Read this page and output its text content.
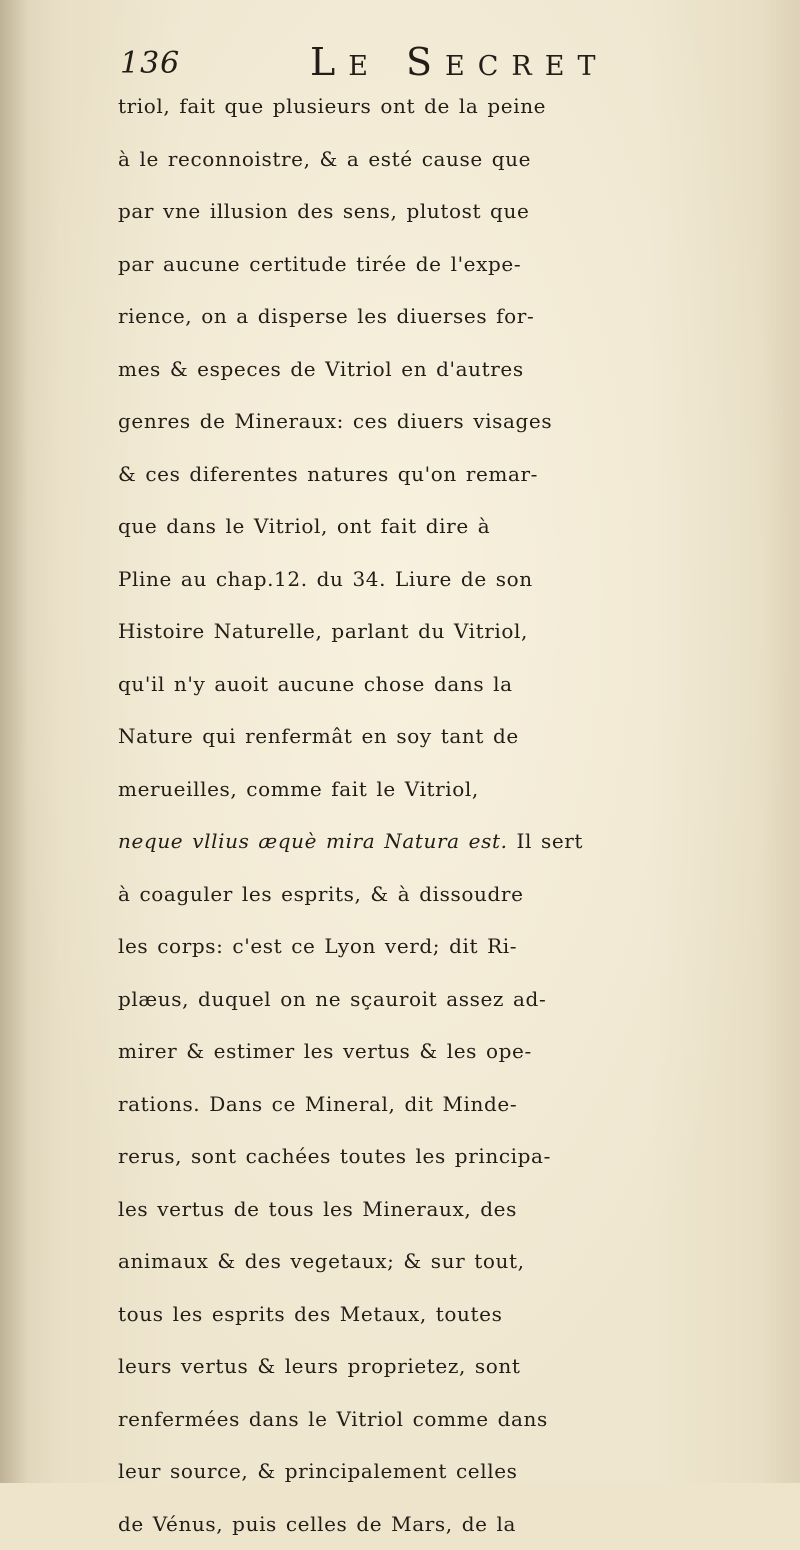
136	Le Secret
triol, fait que plusieurs ont de la peine
à le reconnoistre, & a esté cause que
par vne illusion des sens, plutost que
par aucune certitude tirée de l'expe-
rience, on a disperse les diuerses for-
mes & especes de Vitriol en d'autres
genres de Mineraux: ces diuers visages
& ces diferentes natures qu'on remar-
que dans le Vitriol, ont fait dire à
Pline au chap.12. du 34. Liure de son
Histoire Naturelle, parlant du Vitriol,
qu'il n'y auoit aucune chose dans la
Nature qui renfermât en soy tant de
merueilles, comme fait le Vitriol,
neque vllius æquè mira Natura est. Il sert
à coaguler les esprits, & à dissoudre
les corps: c'est ce Lyon verd; dit Ri-
plæus, duquel on ne sçauroit assez ad-
mirer & estimer les vertus & les ope-
rations. Dans ce Mineral, dit Minde-
rerus, sont cachées toutes les principa-
les vertus de tous les Mineraux, des
animaux & des vegetaux; & sur tout,
tous les esprits des Metaux, toutes
leurs vertus & leurs proprietez, sont
renfermées dans le Vitriol comme dans
leur source, & principalement celles
de Vénus, puis celles de Mars, de la
